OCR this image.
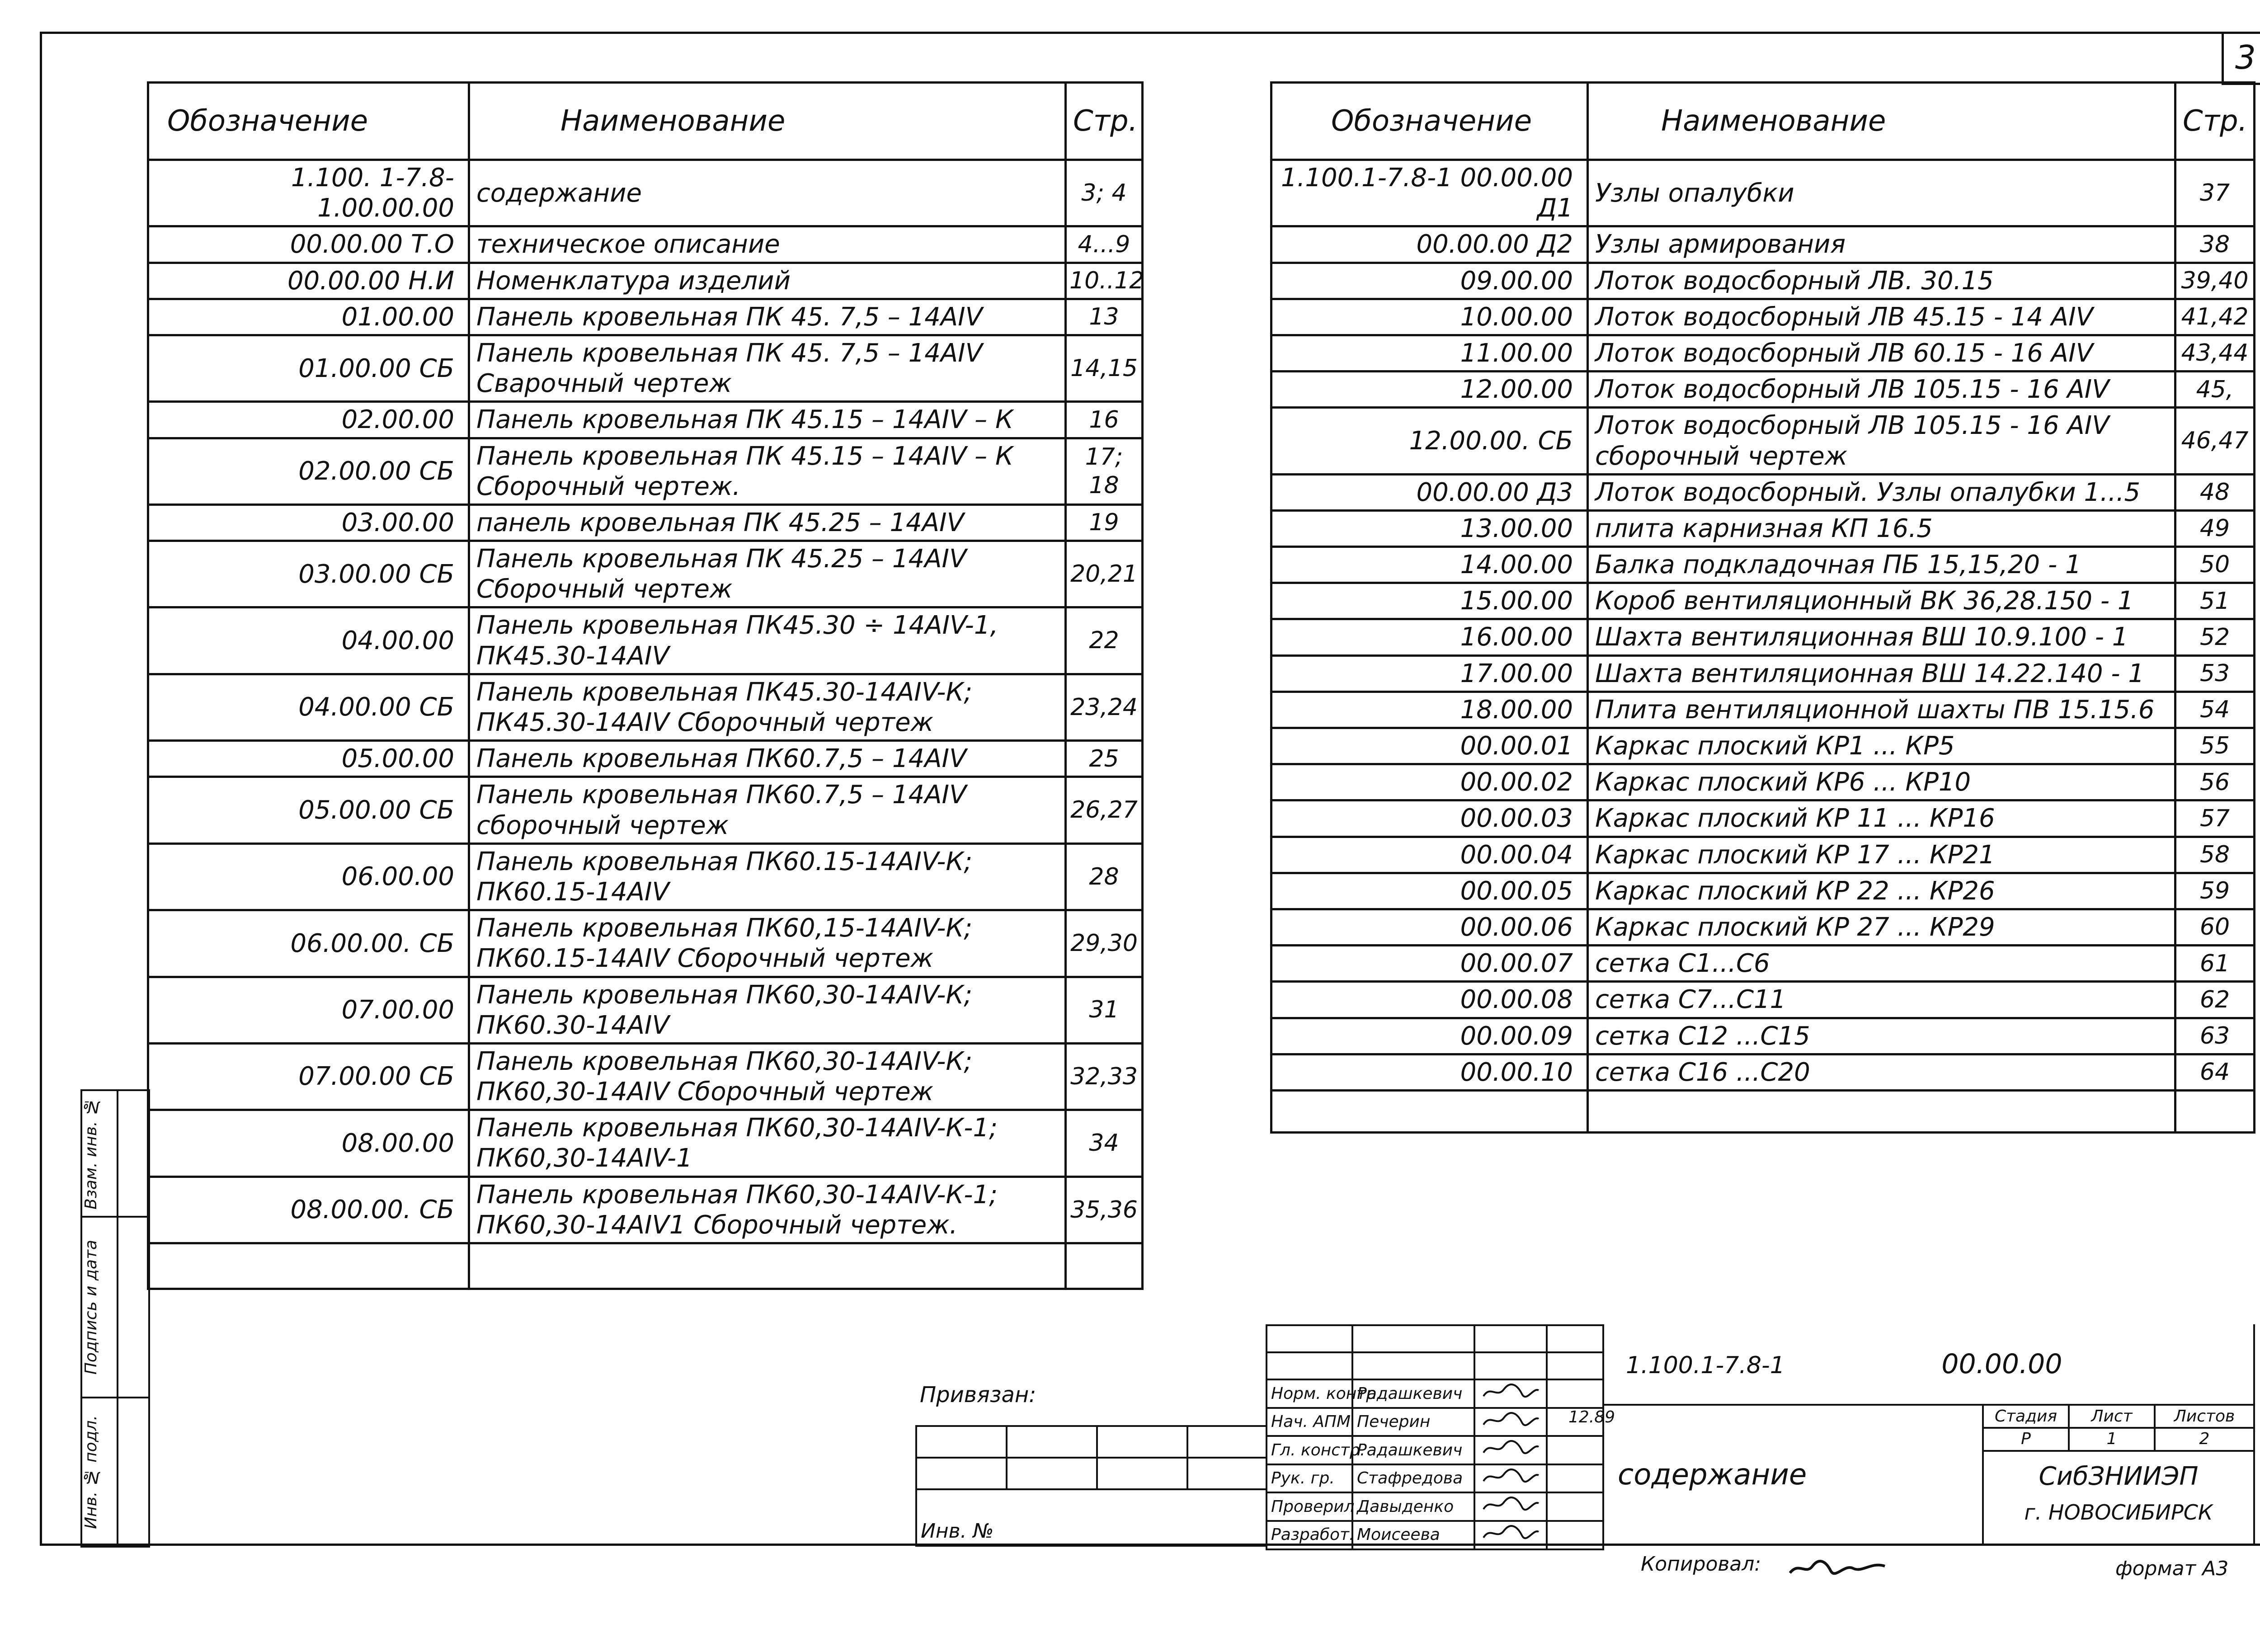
3
Обозначение	Наименование	Стр.
1.100. 1-7.8-1.00.00.00	содержание	3; 4
00.00.00 Т.О	техническое описание	4...9
00.00.00 Н.И	Номенклатура изделий	10..12
01.00.00	Панель кровельная ПК 45. 7,5 – 14АIV	13
01.00.00 СБ	Панель кровельная ПК 45. 7,5 – 14АIV Сварочный чертеж	14,15
02.00.00	Панель кровельная ПК 45.15 – 14АIV – К	16
02.00.00 СБ	Панель кровельная ПК 45.15 – 14АIV – К Сборочный чертеж.	17; 18
03.00.00	панель кровельная ПК 45.25 – 14АIV	19
03.00.00 СБ	Панель кровельная ПК 45.25 – 14АIV Сборочный чертеж	20,21
04.00.00	Панель кровельная ПК45.30 ÷ 14АIV-1, ПК45.30-14АIV	22
04.00.00 СБ	Панель кровельная ПК45.30-14АIV-К; ПК45.30-14АIV Сборочный чертеж	23,24
05.00.00	Панель кровельная ПК60.7,5 – 14АIV	25
05.00.00 СБ	Панель кровельная ПК60.7,5 – 14АIV сборочный чертеж	26,27
06.00.00	Панель кровельная ПК60.15-14АIV-К; ПК60.15-14АIV	28
06.00.00. СБ	Панель кровельная ПК60,15-14АIV-К; ПК60.15-14АIV Сборочный чертеж	29,30
07.00.00	Панель кровельная ПК60,30-14АIV-К; ПК60.30-14АIV	31
07.00.00 СБ	Панель кровельная ПК60,30-14АIV-К; ПК60,30-14АIV Сборочный чертеж	32,33
08.00.00	Панель кровельная ПК60,30-14АIV-К-1; ПК60,30-14АIV-1	34
08.00.00. СБ	Панель кровельная ПК60,30-14АIV-К-1; ПК60,30-14АIV1 Сборочный чертеж.	35,36

Обозначение	Наименование	Стр.
1.100.1-7.8-1 00.00.00 Д1	Узлы опалубки	37
00.00.00 Д2	Узлы армирования	38
09.00.00	Лоток водосборный ЛВ. 30.15	39,40
10.00.00	Лоток водосборный ЛВ 45.15 - 14 АIV	41,42
11.00.00	Лоток водосборный ЛВ 60.15 - 16 АIV	43,44
12.00.00	Лоток водосборный ЛВ 105.15 - 16 АIV	45,
12.00.00. СБ	Лоток водосборный ЛВ 105.15 - 16 АIV сборочный чертеж	46,47
00.00.00 Д3	Лоток водосборный. Узлы опалубки 1...5	48
13.00.00	плита карнизная КП 16.5	49
14.00.00	Балка подкладочная ПБ 15,15,20 - 1	50
15.00.00	Короб вентиляционный ВК 36,28.150 - 1	51
16.00.00	Шахта вентиляционная ВШ 10.9.100 - 1	52
17.00.00	Шахта вентиляционная ВШ 14.22.140 - 1	53
18.00.00	Плита вентиляционной шахты ПВ 15.15.6	54
00.00.01	Каркас плоский КР1 ... КР5	55
00.00.02	Каркас плоский КР6 ... КР10	56
00.00.03	Каркас плоский КР 11 ... КР16	57
00.00.04	Каркас плоский КР 17 ... КР21	58
00.00.05	Каркас плоский КР 22 ... КР26	59
00.00.06	Каркас плоский КР 27 ... КР29	60
00.00.07	сетка С1...С6	61
00.00.08	сетка С7...С11	62
00.00.09	сетка С12 ...С15	63
00.00.10	сетка С16 ...С20	64

Взам. инв. №	

Подпись и дата	

Инв. № подл.	

Привязан:			

Инв. №			

Норм. контр.	Радашкевич		
Нач. АПМ	Печерин		
Гл. констр.	Радашкевич		
Рук. гр.	Стафредова		
Проверил	Давыденко		
Разработ.	Моисеева		
1.100.1-7.8-1 00.00.00			
содержание	Стадия	Лист	Листов
	Р	1	2
	СибЗНИИЭП		
	г. НОВОСИБИРСК		
12.89
Копировал:	формат А3
